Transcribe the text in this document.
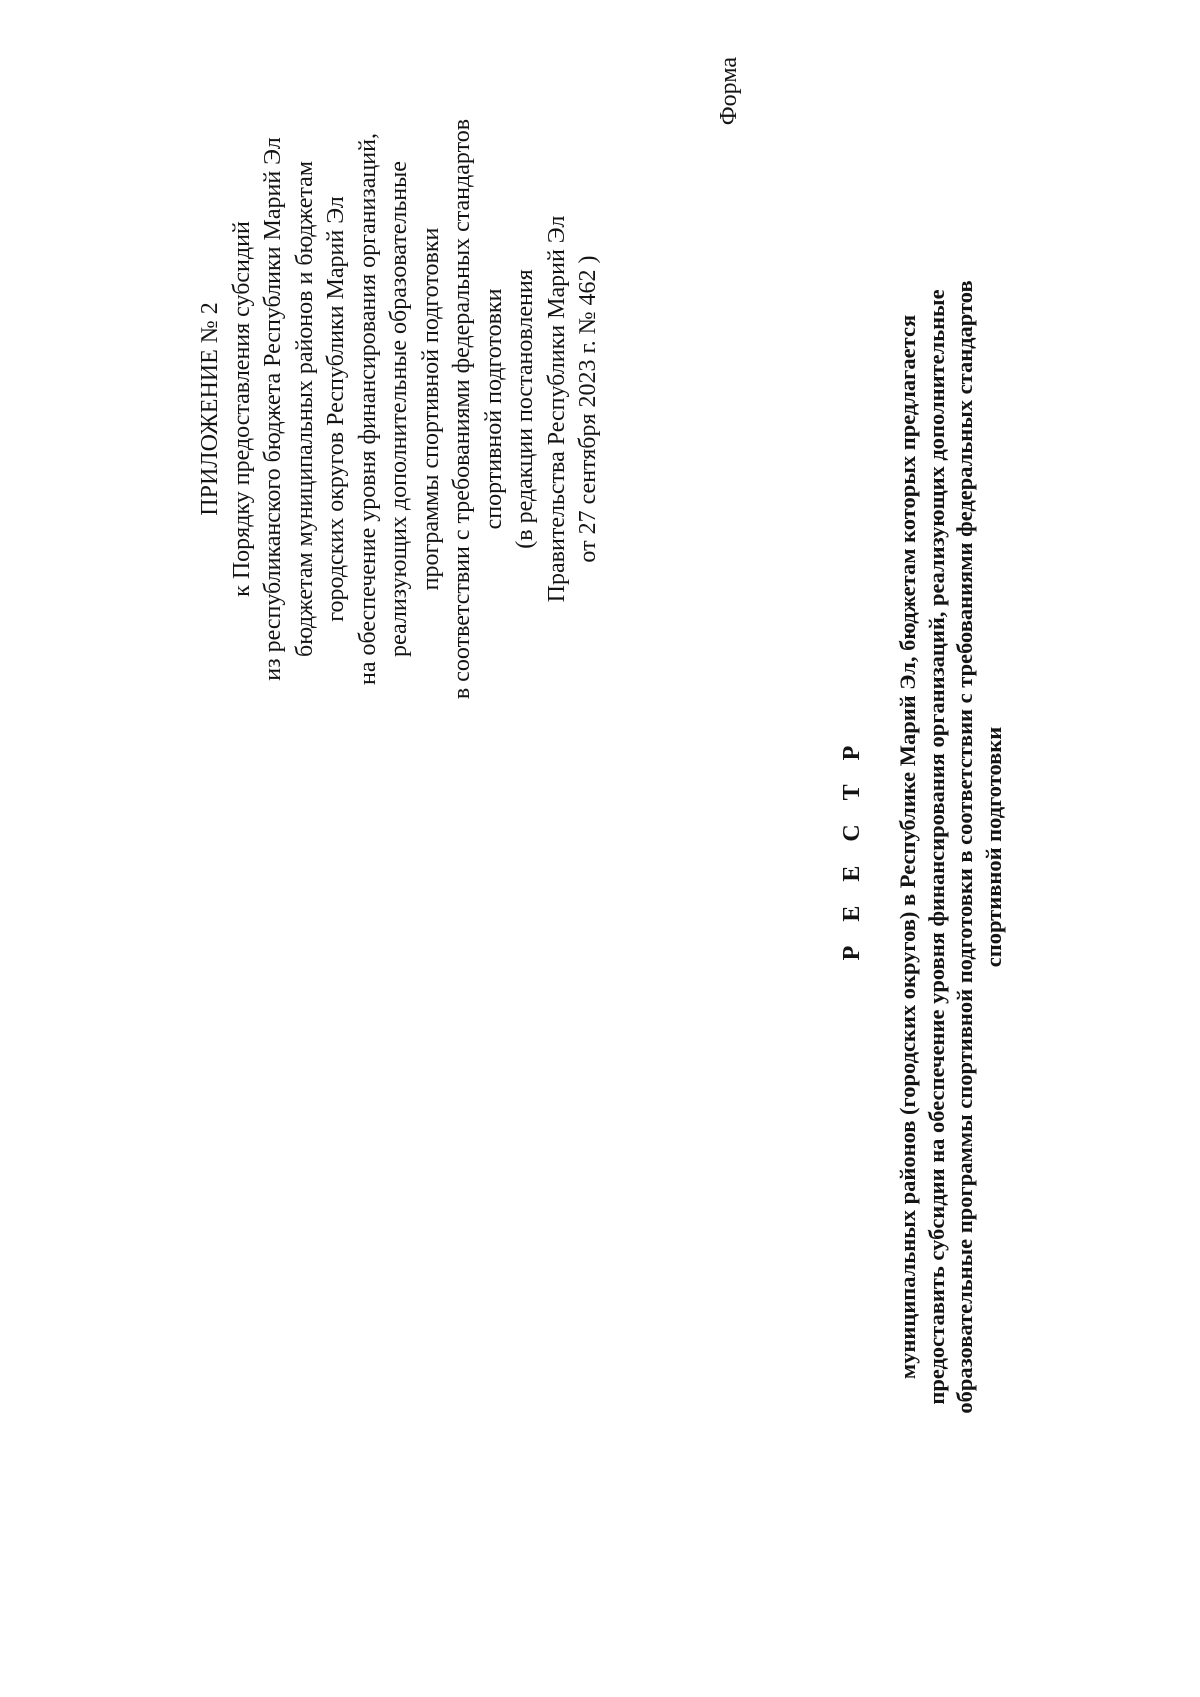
ПРИЛОЖЕНИЕ № 2 к Порядку предоставления субсидий из республиканского бюджета Республики Марий Эл бюджетам муниципальных районов и бюджетам городских округов Республики Марий Эл на обеспечение уровня финансирования организаций, реализующих дополнительные образовательные программы спортивной подготовки в соответствии с требованиями федеральных стандартов спортивной подготовки (в редакции постановления Правительства Республики Марий Эл от 27 сентября 2023 г. № 462 )
Форма
Р Е Е С Т Р муниципальных районов (городских округов) в Республике Марий Эл, бюджетам которых предлагается предоставить субсидии на обеспечение уровня финансирования организаций, реализующих дополнительные образовательные программы спортивной подготовки в соответствии с требованиями федеральных стандартов спортивной подготовки
